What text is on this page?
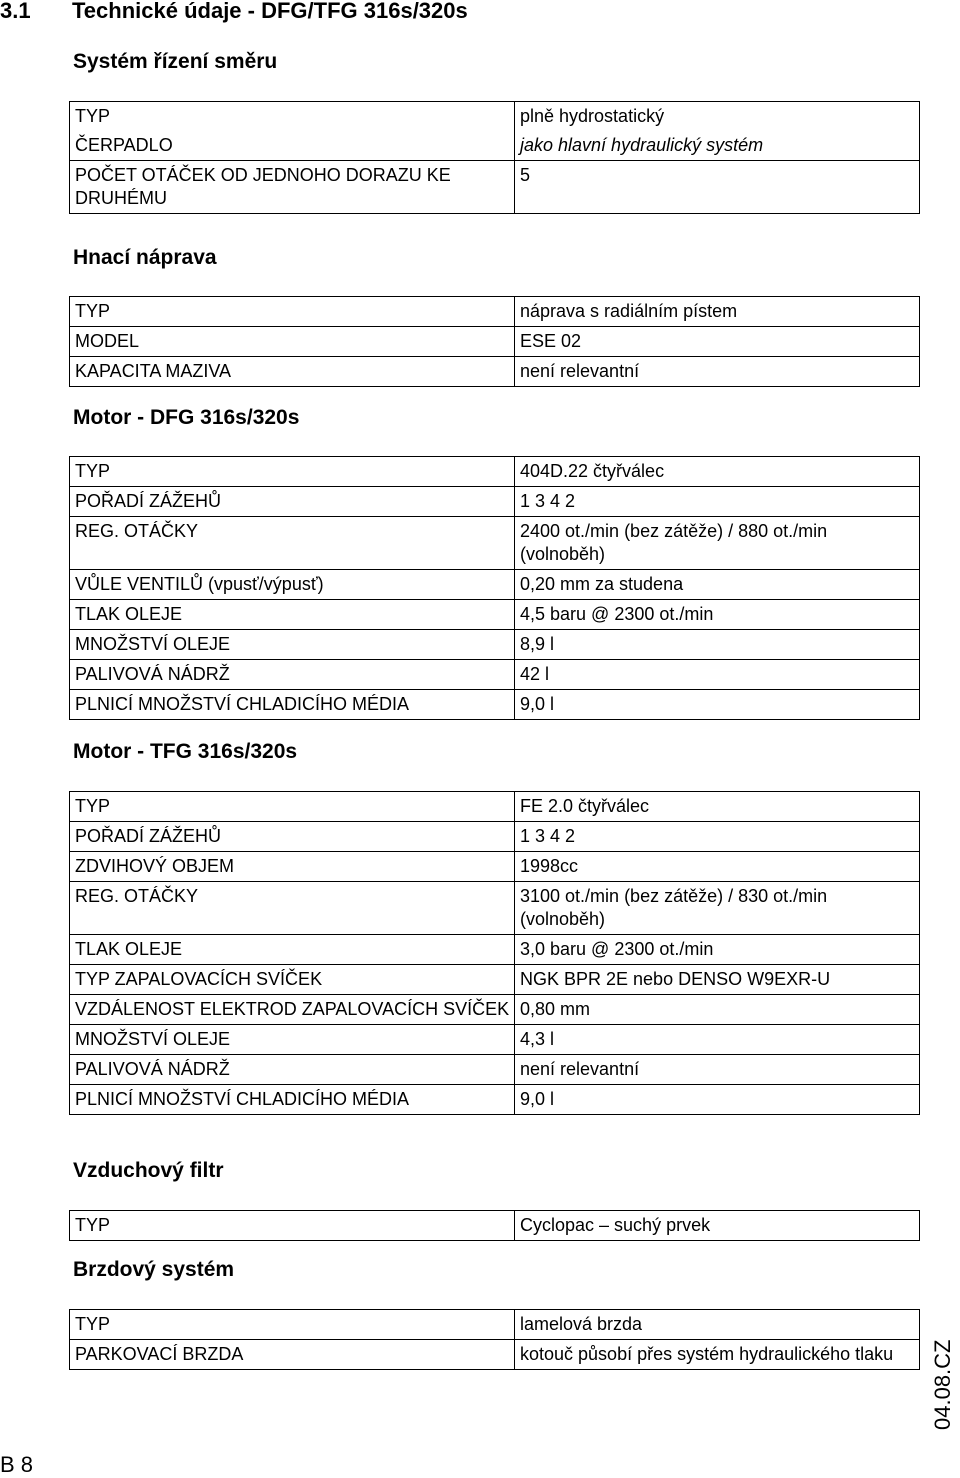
3.1 Technické údaje - DFG/TFG 316s/320s
Systém řízení směru
TYP	plně hydrostatický
ČERPADLO	jako hlavní hydraulický systém
POČET OTÁČEK OD JEDNOHO DORAZU KE DRUHÉMU	5
Hnací náprava
TYP	náprava s radiálním pístem
MODEL	ESE 02
KAPACITA MAZIVA	není relevantní
Motor - DFG 316s/320s
TYP	404D.22 čtyřválec
POŘADÍ ZÁŽEHŮ	1 3 4 2
REG. OTÁČKY	2400 ot./min (bez zátěže) / 880 ot./min (volnoběh)
VŮLE VENTILŮ (vpusť/výpusť)	0,20 mm za studena
TLAK OLEJE	4,5 baru @ 2300 ot./min
MNOŽSTVÍ OLEJE	8,9 l
PALIVOVÁ NÁDRŽ	42 l
PLNICÍ MNOŽSTVÍ CHLADICÍHO MÉDIA	9,0 l
Motor - TFG 316s/320s
TYP	FE 2.0 čtyřválec
POŘADÍ ZÁŽEHŮ	1 3 4 2
ZDVIHOVÝ OBJEM	1998cc
REG. OTÁČKY	3100 ot./min (bez zátěže) / 830 ot./min (volnoběh)
TLAK OLEJE	3,0 baru @ 2300 ot./min
TYP ZAPALOVACÍCH SVÍČEK	NGK BPR 2E nebo DENSO W9EXR-U
VZDÁLENOST ELEKTROD ZAPALOVACÍCH SVÍČEK	0,80 mm
MNOŽSTVÍ OLEJE	4,3 l
PALIVOVÁ NÁDRŽ	není relevantní
PLNICÍ MNOŽSTVÍ CHLADICÍHO MÉDIA	9,0 l
Vzduchový filtr
TYP	Cyclopac – suchý prvek
Brzdový systém
TYP	lamelová brzda
PARKOVACÍ BRZDA	kotouč působí přes systém hydraulického tlaku 04.08.CZ
B 8
